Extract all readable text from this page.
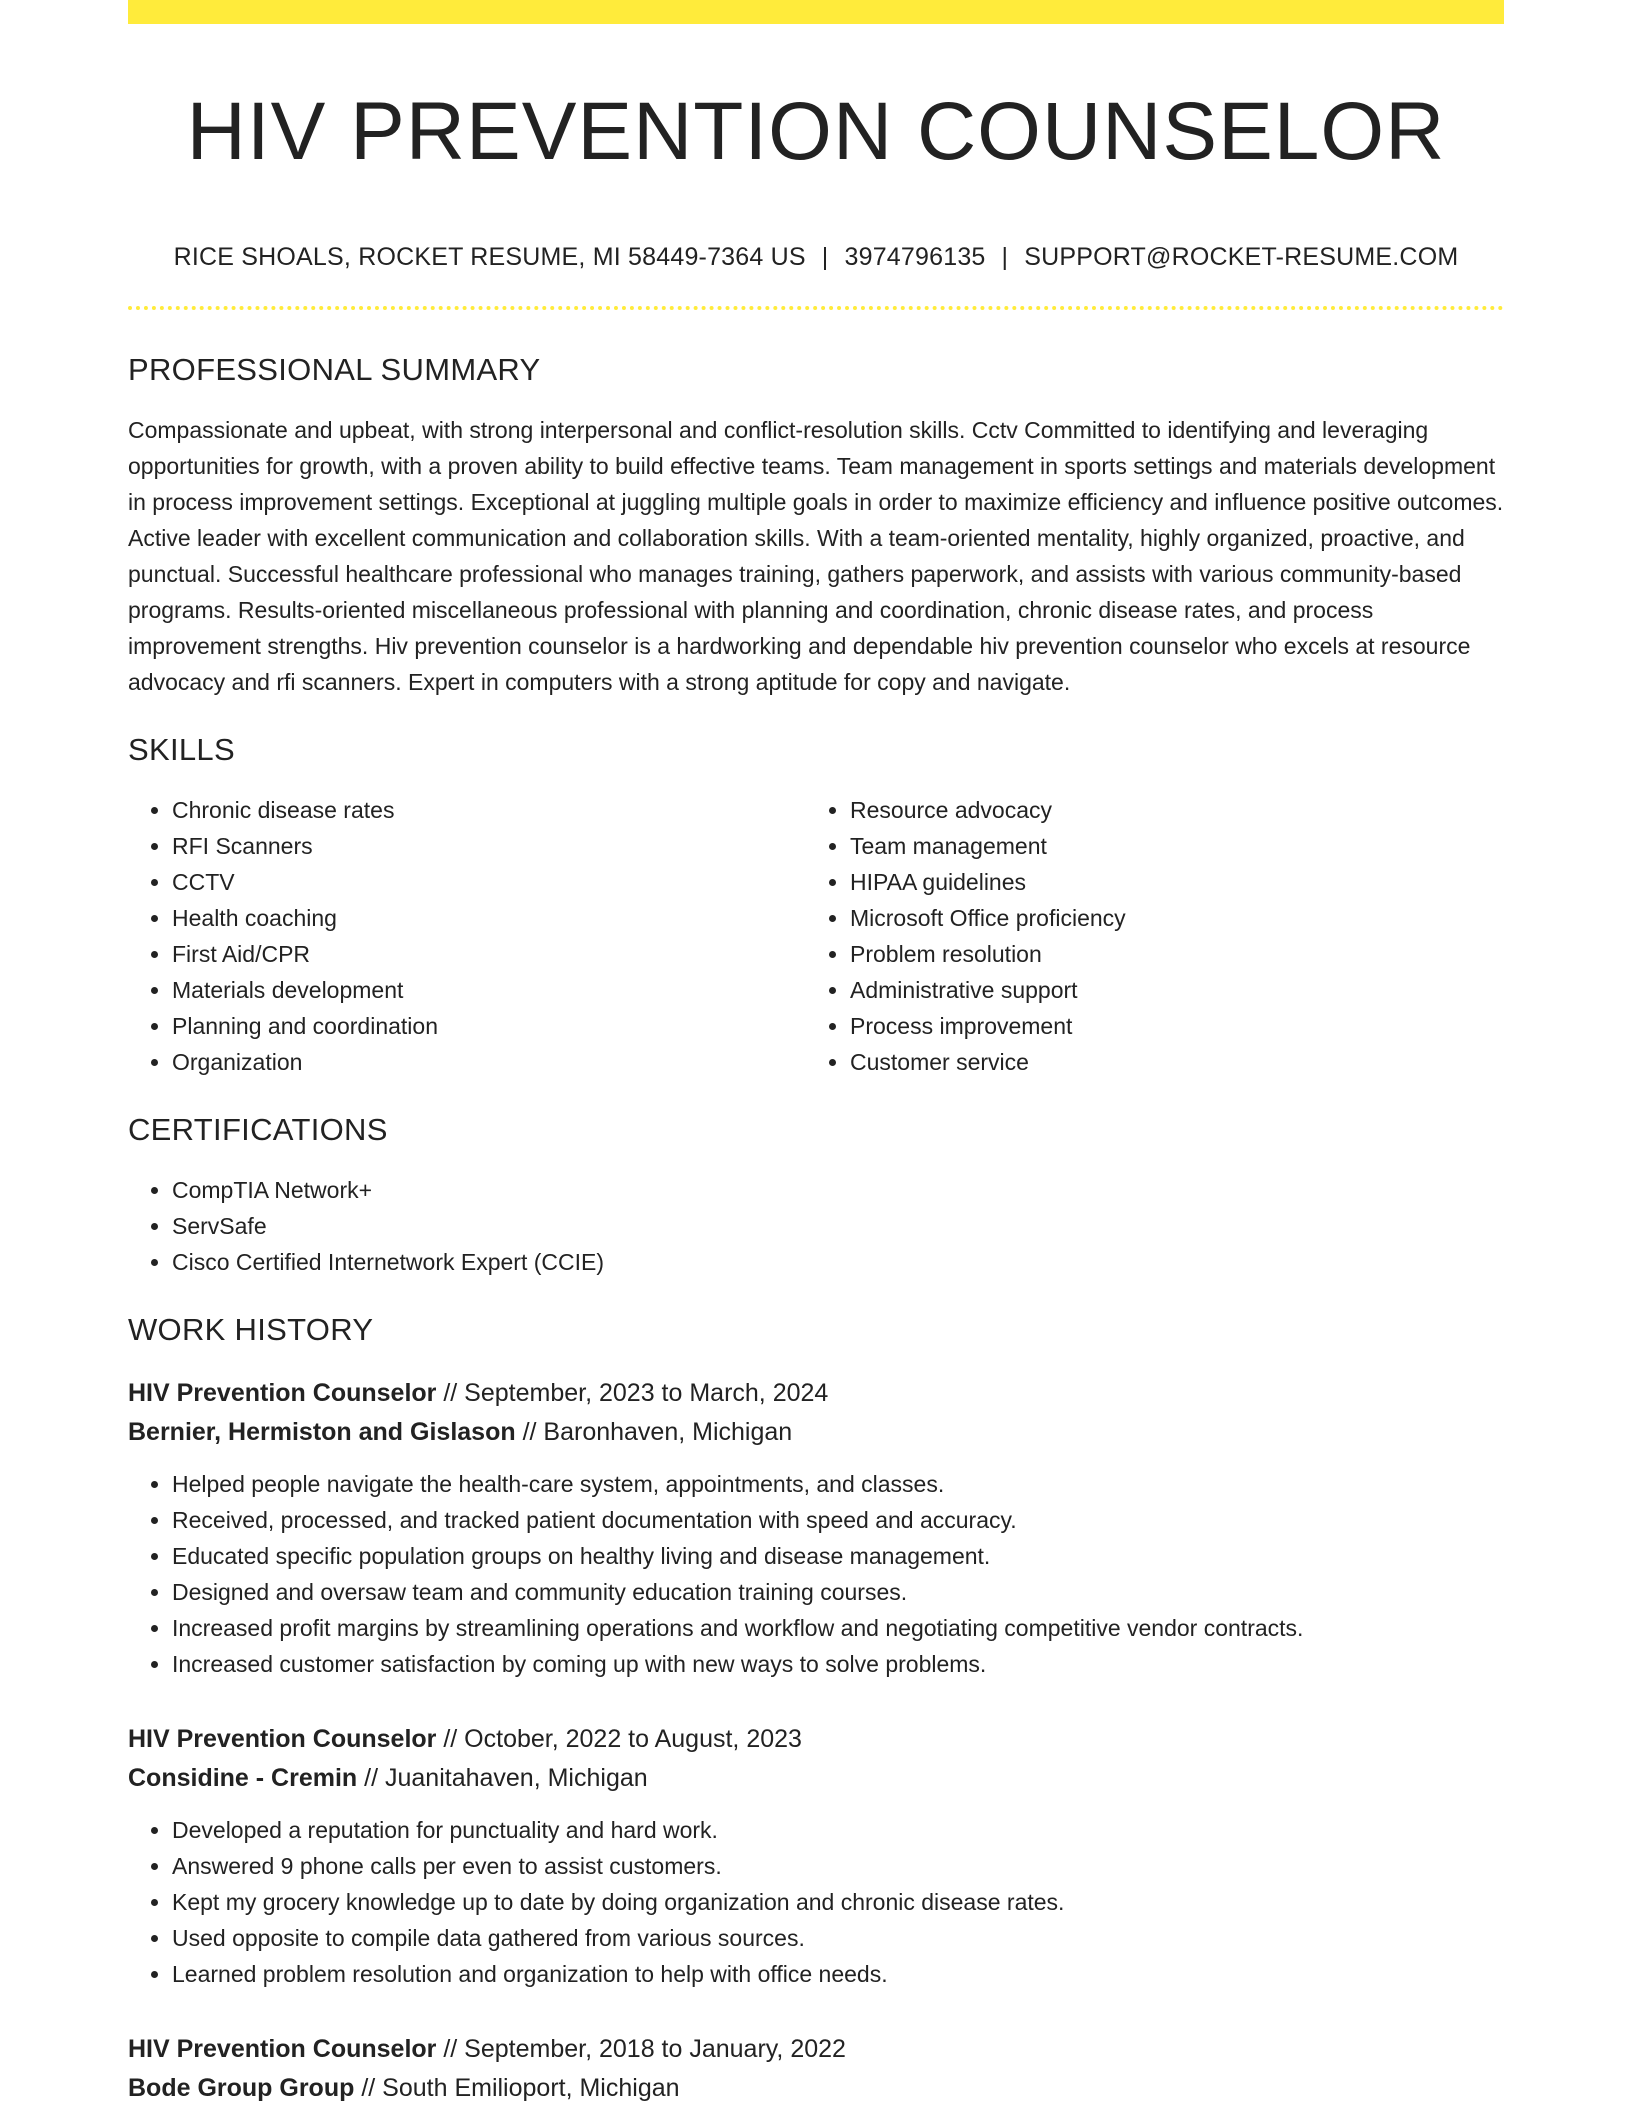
HIV PREVENTION COUNSELOR
RICE SHOALS, ROCKET RESUME, MI 58449-7364 US | 3974796135 | SUPPORT@ROCKET-RESUME.COM
PROFESSIONAL SUMMARY

Compassionate and upbeat, with strong interpersonal and conflict-resolution skills. Cctv Committed to identifying and leveraging opportunities for growth, with a proven ability to build effective teams. Team management in sports settings and materials development in process improvement settings. Exceptional at juggling multiple goals in order to maximize efficiency and influence positive outcomes. Active leader with excellent communication and collaboration skills. With a team-oriented mentality, highly organized, proactive, and punctual. Successful healthcare professional who manages training, gathers paperwork, and assists with various community-based programs. Results-oriented miscellaneous professional with planning and coordination, chronic disease rates, and process improvement strengths. Hiv prevention counselor is a hardworking and dependable hiv prevention counselor who excels at resource advocacy and rfi scanners. Expert in computers with a strong aptitude for copy and navigate.

SKILLS
• Chronic disease rates
• RFI Scanners
• CCTV
• Health coaching
• First Aid/CPR
• Materials development
• Planning and coordination
• Organization
• Resource advocacy
• Team management
• HIPAA guidelines
• Microsoft Office proficiency
• Problem resolution
• Administrative support
• Process improvement
• Customer service
CERTIFICATIONS
• CompTIA Network+
• ServSafe
• Cisco Certified Internetwork Expert (CCIE)
WORK HISTORY
HIV Prevention Counselor // September, 2023 to March, 2024
Bernier, Hermiston and Gislason // Baronhaven, Michigan
• Helped people navigate the health-care system, appointments, and classes.
• Received, processed, and tracked patient documentation with speed and accuracy.
• Educated specific population groups on healthy living and disease management.
• Designed and oversaw team and community education training courses.
• Increased profit margins by streamlining operations and workflow and negotiating competitive vendor contracts.
• Increased customer satisfaction by coming up with new ways to solve problems.
HIV Prevention Counselor // October, 2022 to August, 2023
Considine - Cremin // Juanitahaven, Michigan
• Developed a reputation for punctuality and hard work.
• Answered 9 phone calls per even to assist customers.
• Kept my grocery knowledge up to date by doing organization and chronic disease rates.
• Used opposite to compile data gathered from various sources.
• Learned problem resolution and organization to help with office needs.
HIV Prevention Counselor // September, 2018 to January, 2022
Bode Group Group // South Emilioport, Michigan
